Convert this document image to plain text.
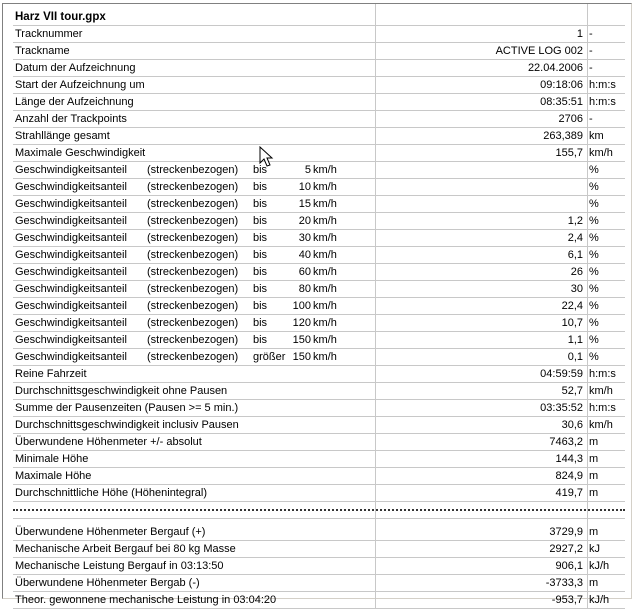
Harz VII tour.gpx
Tracknummer	1 -
Trackname	ACTIVE LOG 002 -
Datum der Aufzeichnung	22.04.2006 -
Start der Aufzeichnung um	09:18:06 h:m:s
Länge der Aufzeichnung	08:35:51 h:m:s
Anzahl der Trackpoints	2706 -
Strahllänge gesamt	263,389 km
Maximale Geschwindigkeit	155,7 km/h
Geschwindigkeitsanteil	(streckenbezogen)	bis	5 km/h	%
Geschwindigkeitsanteil	(streckenbezogen)	bis	10 km/h	%
Geschwindigkeitsanteil	(streckenbezogen)	bis	15 km/h	%
Geschwindigkeitsanteil	(streckenbezogen)	bis	20 km/h	1,2 %
Geschwindigkeitsanteil	(streckenbezogen)	bis	30 km/h	2,4 %
Geschwindigkeitsanteil	(streckenbezogen)	bis	40 km/h	6,1 %
Geschwindigkeitsanteil	(streckenbezogen)	bis	60 km/h	26 %
Geschwindigkeitsanteil	(streckenbezogen)	bis	80 km/h	30 %
Geschwindigkeitsanteil	(streckenbezogen)	bis	100 km/h	22,4 %
Geschwindigkeitsanteil	(streckenbezogen)	bis	120 km/h	10,7 %
Geschwindigkeitsanteil	(streckenbezogen)	bis	150 km/h	1,1 %
Geschwindigkeitsanteil	(streckenbezogen)	größer 150 km/h	0,1 %
Reine Fahrzeit	04:59:59 h:m:s
Durchschnittsgeschwindigkeit ohne Pausen	52,7 km/h
Summe der Pausenzeiten (Pausen >= 5 min.)	03:35:52 h:m:s
Durchschnittsgeschwindigkeit inclusiv Pausen	30,6 km/h
Überwundene Höhenmeter +/- absolut	7463,2 m
Minimale Höhe	144,3 m
Maximale Höhe	824,9 m
Durchschnittliche Höhe (Höhenintegral)	419,7 m
Überwundene Höhenmeter Bergauf (+)	3729,9 m
Mechanische Arbeit Bergauf bei 80 kg Masse	2927,2 kJ
Mechanische Leistung Bergauf in 03:13:50	906,1 kJ/h
Überwundene Höhenmeter Bergab (-)	-3733,3 m
Theor. gewonnene mechanische Leistung in 03:04:20	-953,7 kJ/h
